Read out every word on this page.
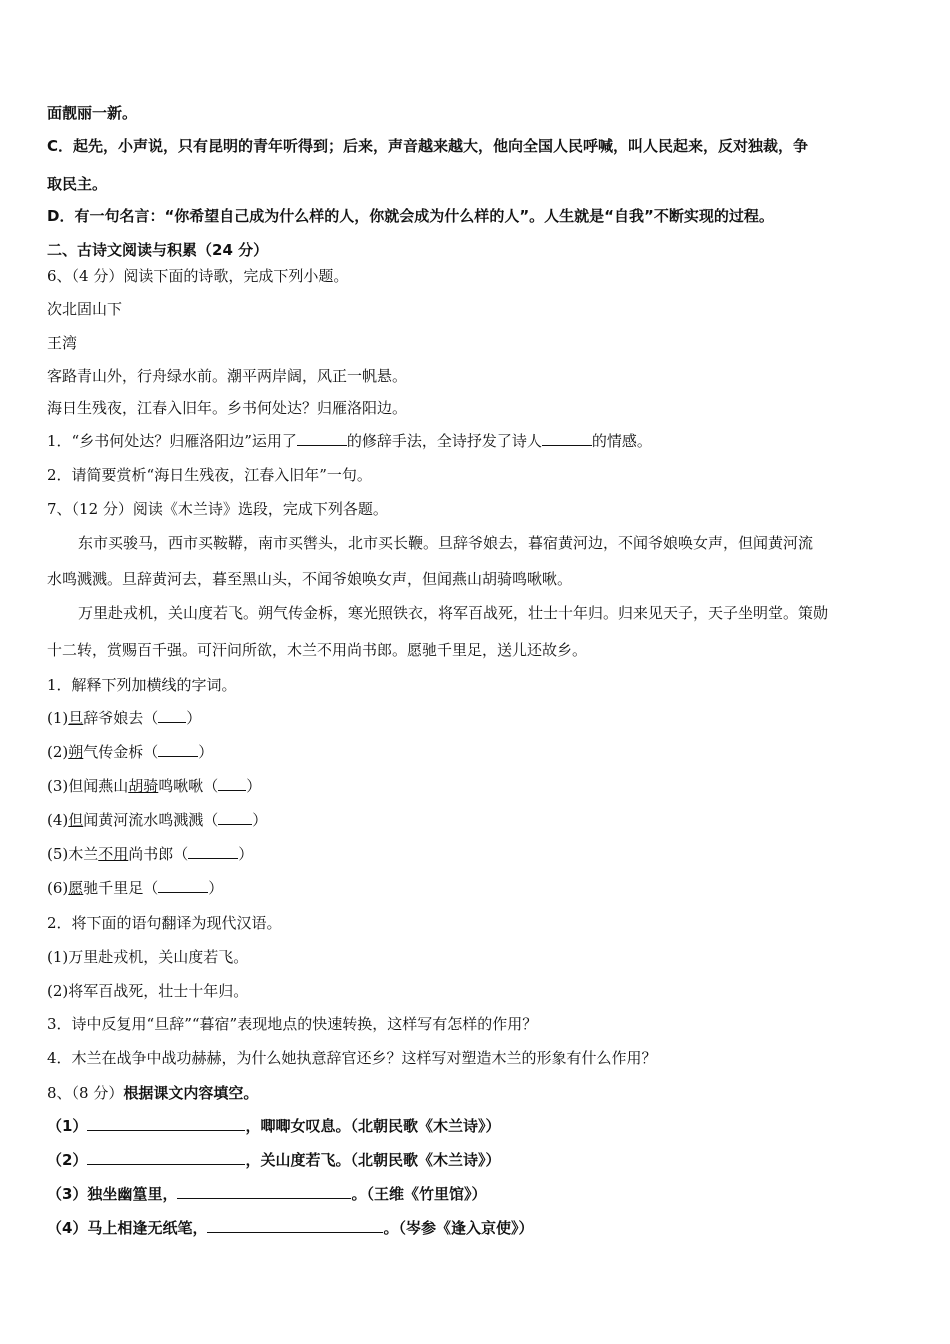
面靓丽一新。
C．起先，小声说，只有昆明的青年听得到；后来，声音越来越大，他向全国人民呼喊，叫人民起来，反对独裁，争
取民主。
D．有一句名言：“你希望自己成为什么样的人，你就会成为什么样的人”。人生就是“自我”不断实现的过程。
二、古诗文阅读与积累（24 分）
6、（4 分）阅读下面的诗歌，完成下列小题。
次北固山下
王湾
客路青山外，行舟绿水前。潮平两岸阔，风正一帆悬。
海日生残夜，江春入旧年。乡书何处达？归雁洛阳边。
1．“乡书何处达？归雁洛阳边”运用了	的修辞手法，全诗抒发了诗人	的情感。
2．请简要赏析“海日生残夜，江春入旧年”一句。
7、（12 分）阅读《木兰诗》选段，完成下列各题。
东市买骏马，西市买鞍鞯，南市买辔头，北市买长鞭。旦辞爷娘去，暮宿黄河边，不闻爷娘唤女声，但闻黄河流
水鸣溅溅。旦辞黄河去，暮至黑山头，不闻爷娘唤女声，但闻燕山胡骑鸣啾啾。
万里赴戎机，关山度若飞。朔气传金柝，寒光照铁衣，将军百战死，壮士十年归。归来见天子，天子坐明堂。策勋
十二转，赏赐百千强。可汗问所欲，木兰不用尚书郎。愿驰千里足，送儿还故乡。
1．解释下列加横线的字词。
(1)旦辞爷娘去（ ）
(2)朔气传金柝（	）
(3)但闻燕山胡骑鸣啾啾（ ）
(4)但闻黄河流水鸣溅溅（ ）
(5)木兰不用尚书郎（	）
(6)愿驰千里足（	）
2．将下面的语句翻译为现代汉语。
(1)万里赴戎机，关山度若飞。
(2)将军百战死，壮士十年归。
3．诗中反复用“旦辞”“暮宿”表现地点的快速转换，这样写有怎样的作用？
4．木兰在战争中战功赫赫，为什么她执意辞官还乡？这样写对塑造木兰的形象有什么作用？
8、（8 分）根据课文内容填空。
（1）	，唧唧女叹息。（北朝民歌《木兰诗》）
（2）	，关山度若飞。（北朝民歌《木兰诗》）
（3）独坐幽篁里，	。（王维《竹里馆》）
（4）马上相逢无纸笔，	。（岑参《逢入京使》）
